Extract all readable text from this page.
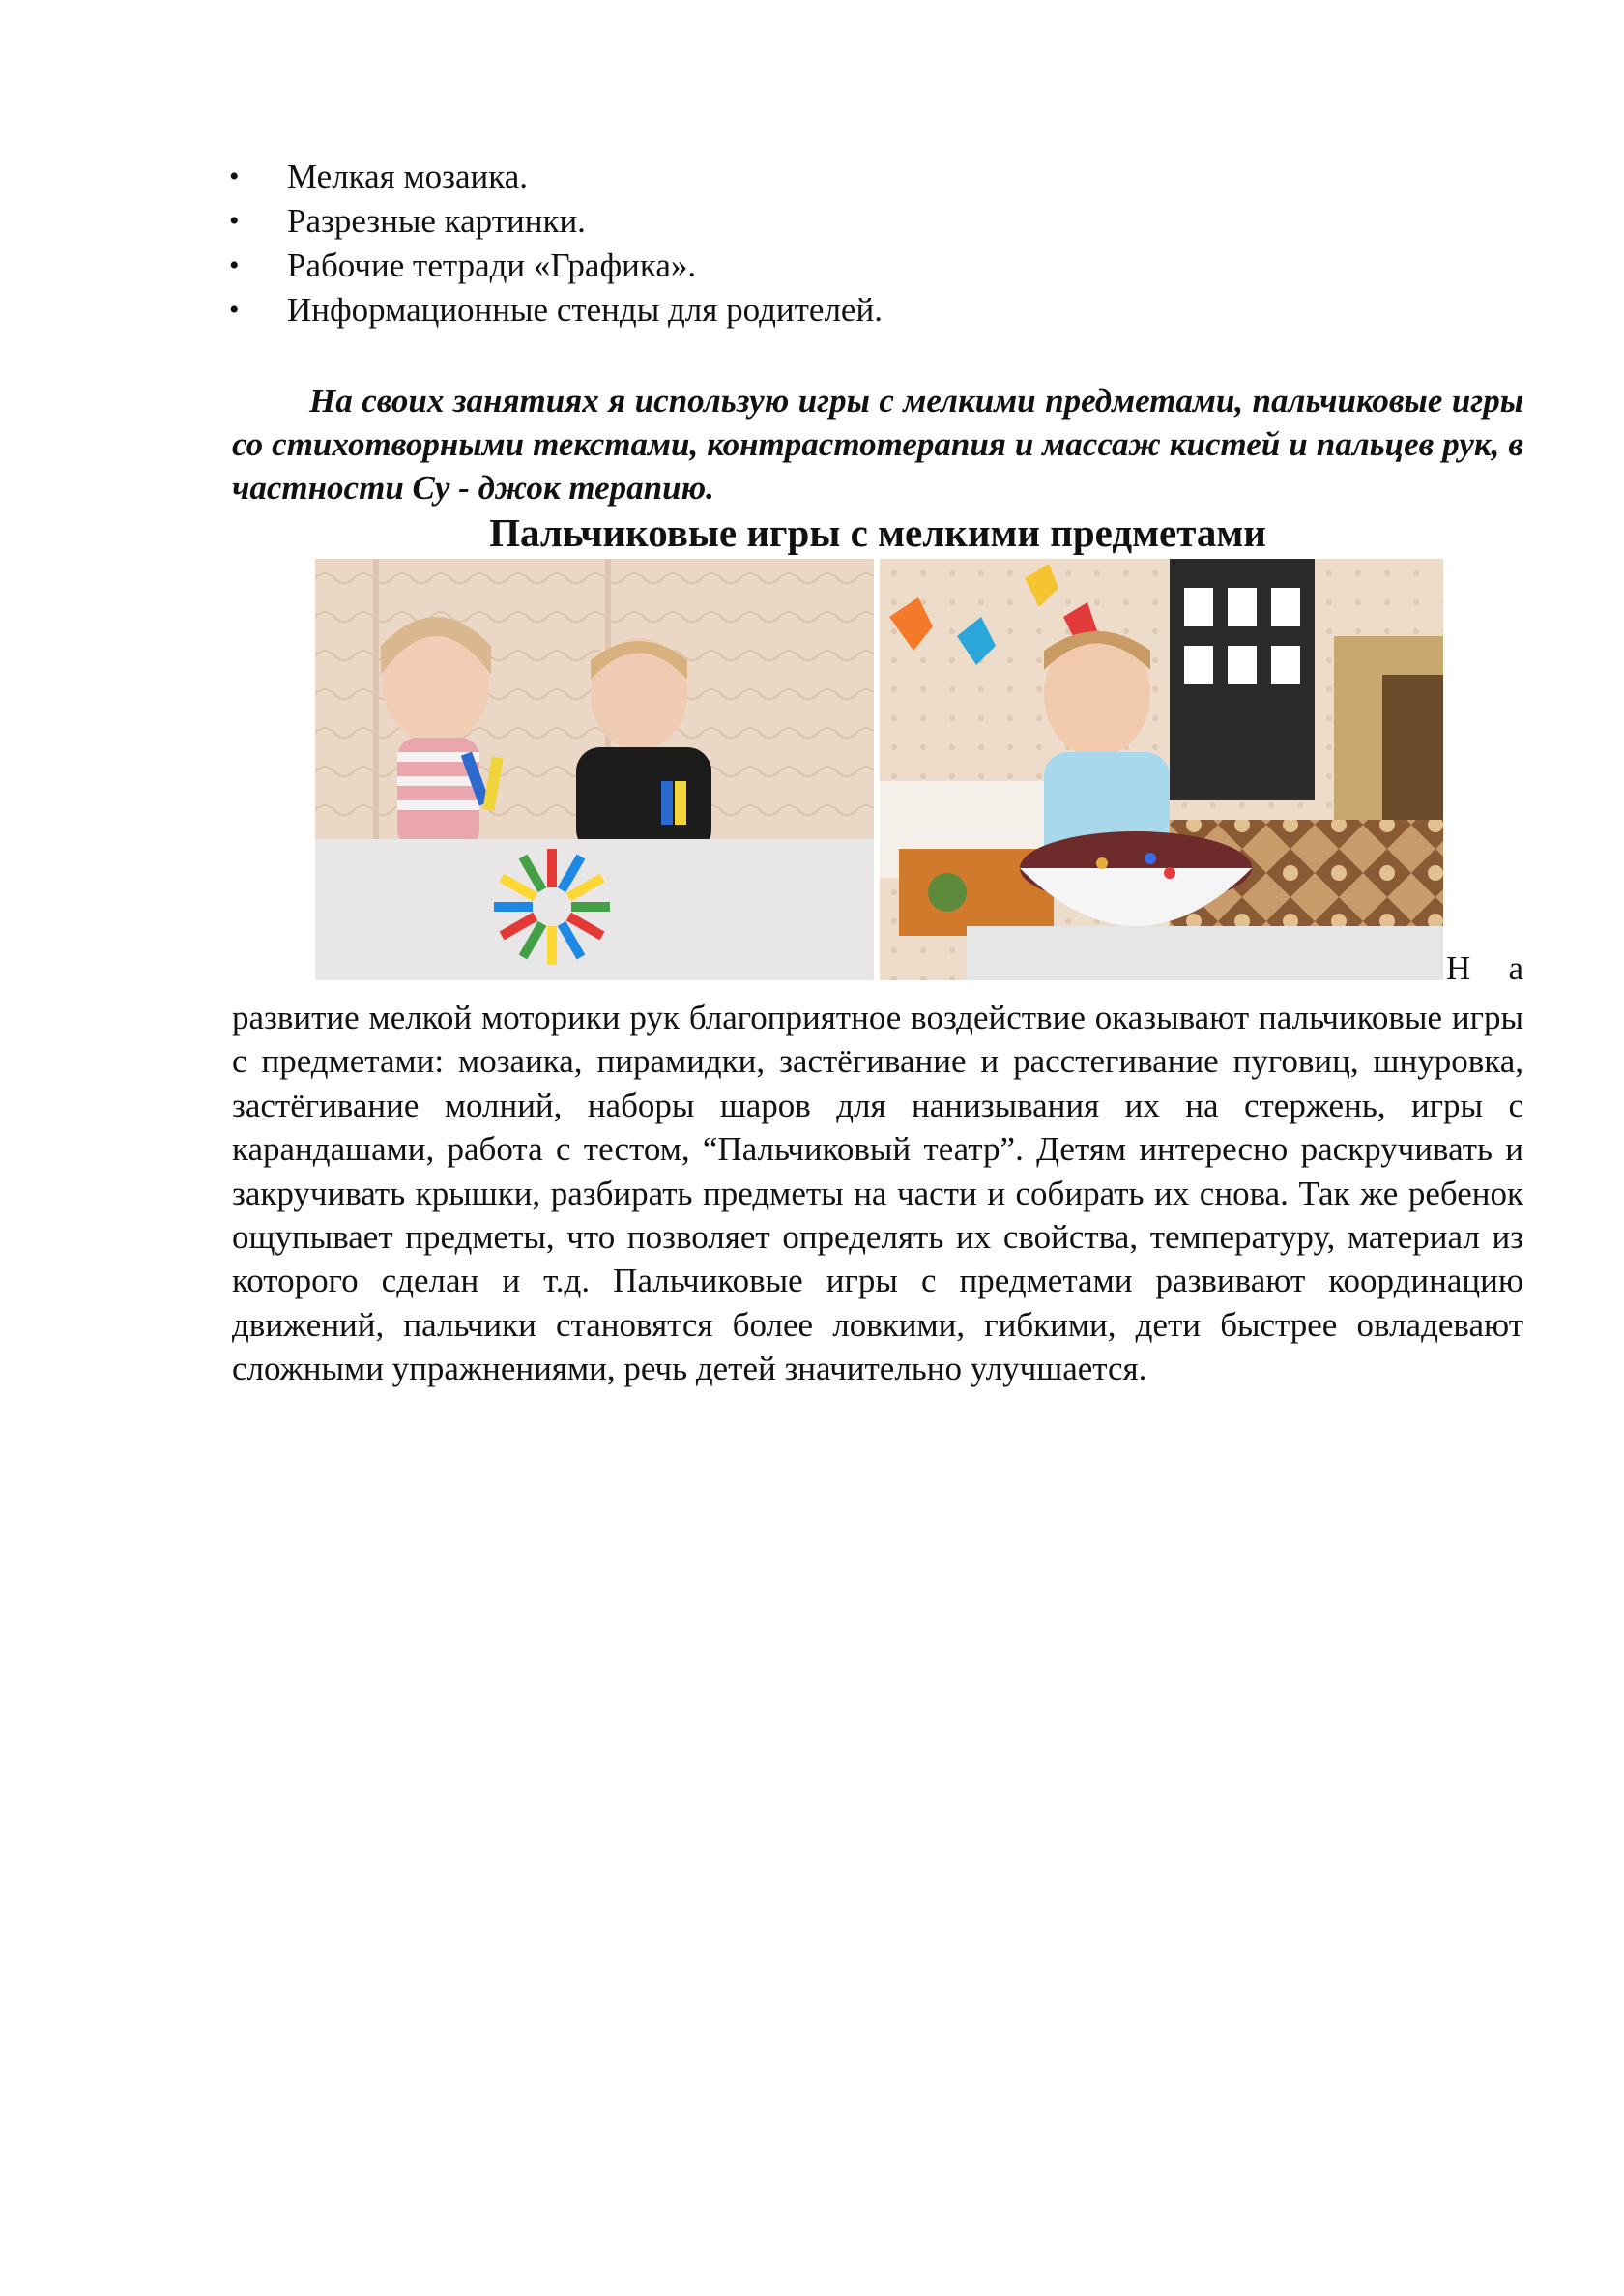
• Мелкая мозаика.
• Разрезные картинки.
• Рабочие тетради «Графика».
• Информационные стенды для родителей.

На своих занятиях я использую игры с мелкими предметами, пальчиковые игры со стихотворными текстами, контрастотерапия и массаж кистей и пальцев рук, в частности Су - джок терапию.

Пальчиковые игры с мелкими предметами
Н а

развитие мелкой моторики рук благоприятное воздействие оказывают пальчиковые игры с предметами: мозаика, пирамидки, застёгивание и расстегивание пуговиц, шнуровка, застёгивание молний, наборы шаров для нанизывания их на стержень, игры с карандашами, работа с тестом, “Пальчиковый театр”. Детям интересно раскручивать и закручивать крышки, разбирать предметы на части и собирать их снова. Так же ребенок ощупывает предметы, что позволяет определять их свойства, температуру, материал из которого сделан и т.д. Пальчиковые игры с предметами развивают координацию движений, пальчики становятся более ловкими, гибкими, дети быстрее овладевают сложными упражнениями, речь детей значительно улучшается.
